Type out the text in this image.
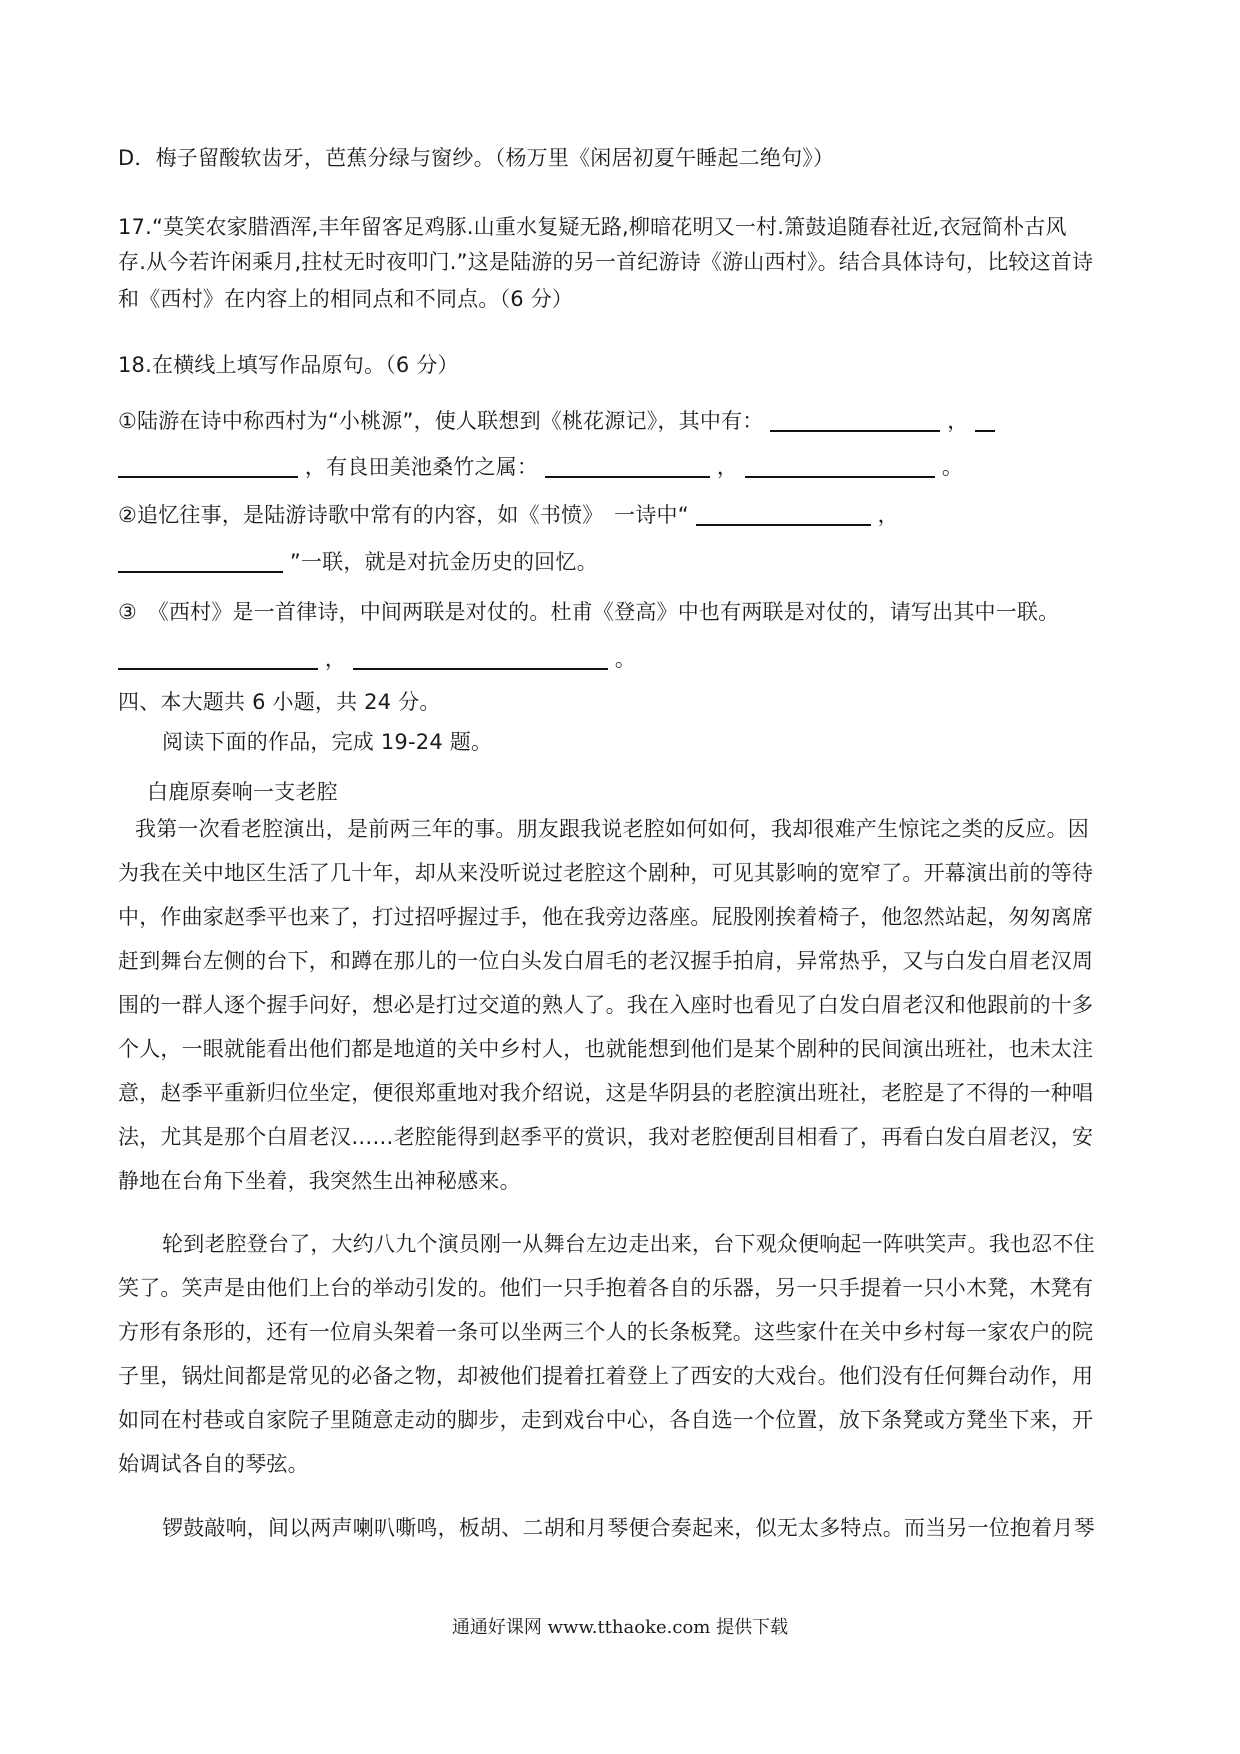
D．梅子留酸软齿牙，芭蕉分绿与窗纱。（杨万里《闲居初夏午睡起二绝句》）
17.“莫笑农家腊酒浑,丰年留客足鸡豚.山重水复疑无路,柳暗花明又一村.箫鼓追随春社近,衣冠简朴古风
存.从今若许闲乘月,拄杖无时夜叩门.”这是陆游的另一首纪游诗《游山西村》。结合具体诗句，比较这首诗
和《西村》在内容上的相同点和不同点。（6 分）
18.在横线上填写作品原句。（6 分）
①陆游在诗中称西村为“小桃源”，使人联想到《桃花源记》，其中有：	，
，有良田美池桑竹之属：	，	。
②追忆往事，是陆游诗歌中常有的内容，如《书愤》　一诗中“	，
”一联，就是对抗金历史的回忆。
③　《西村》是一首律诗，中间两联是对仗的。杜甫《登高》中也有两联是对仗的，请写出其中一联。
，	。
四、本大题共 6 小题，共 24 分。
阅读下面的作品，完成 19-24 题。
白鹿原奏响一支老腔
我第一次看老腔演出，是前两三年的事。朋友跟我说老腔如何如何，我却很难产生惊诧之类的反应。因
为我在关中地区生活了几十年，却从来没听说过老腔这个剧种，可见其影响的宽窄了。开幕演出前的等待
中，作曲家赵季平也来了，打过招呼握过手，他在我旁边落座。屁股刚挨着椅子，他忽然站起，匆匆离席
赶到舞台左侧的台下，和蹲在那儿的一位白头发白眉毛的老汉握手拍肩，异常热乎，又与白发白眉老汉周
围的一群人逐个握手问好，想必是打过交道的熟人了。我在入座时也看见了白发白眉老汉和他跟前的十多
个人，一眼就能看出他们都是地道的关中乡村人，也就能想到他们是某个剧种的民间演出班社，也未太注
意，赵季平重新归位坐定，便很郑重地对我介绍说，这是华阴县的老腔演出班社，老腔是了不得的一种唱
法，尤其是那个白眉老汉……老腔能得到赵季平的赏识，我对老腔便刮目相看了，再看白发白眉老汉，安
静地在台角下坐着，我突然生出神秘感来。
轮到老腔登台了，大约八九个演员刚一从舞台左边走出来，台下观众便响起一阵哄笑声。我也忍不住
笑了。笑声是由他们上台的举动引发的。他们一只手抱着各自的乐器，另一只手提着一只小木凳，木凳有
方形有条形的，还有一位肩头架着一条可以坐两三个人的长条板凳。这些家什在关中乡村每一家农户的院
子里，锅灶间都是常见的必备之物，却被他们提着扛着登上了西安的大戏台。他们没有任何舞台动作，用
如同在村巷或自家院子里随意走动的脚步，走到戏台中心，各自选一个位置，放下条凳或方凳坐下来，开
始调试各自的琴弦。
锣鼓敲响，间以两声喇叭嘶鸣，板胡、二胡和月琴便合奏起来，似无太多特点。而当另一位抱着月琴
通通好课网 www.tthaoke.com 提供下载
